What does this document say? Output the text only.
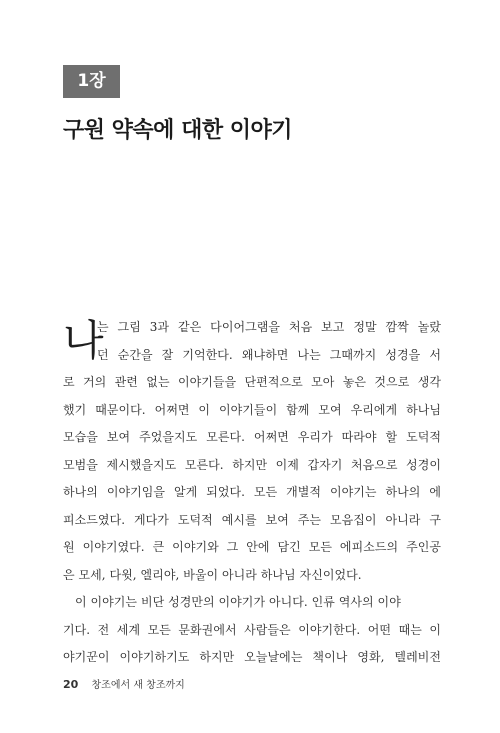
1장
구원 약속에 대한 이야기
나
는 그림 3과 같은 다이어그램을 처음 보고 정말 깜짝 놀랐
던 순간을 잘 기억한다. 왜냐하면 나는 그때까지 성경을 서
로 거의 관련 없는 이야기들을 단편적으로 모아 놓은 것으로 생각
했기 때문이다. 어쩌면 이 이야기들이 함께 모여 우리에게 하나님
모습을 보여 주었을지도 모른다. 어쩌면 우리가 따라야 할 도덕적
모범을 제시했을지도 모른다. 하지만 이제 갑자기 처음으로 성경이
하나의 이야기임을 알게 되었다. 모든 개별적 이야기는 하나의 에
피소드였다. 게다가 도덕적 예시를 보여 주는 모음집이 아니라 구
원 이야기였다. 큰 이야기와 그 안에 담긴 모든 에피소드의 주인공
은 모세, 다윗, 엘리야, 바울이 아니라 하나님 자신이었다.
이 이야기는 비단 성경만의 이야기가 아니다. 인류 역사의 이야
기다. 전 세계 모든 문화권에서 사람들은 이야기한다. 어떤 때는 이
야기꾼이 이야기하기도 하지만 오늘날에는 책이나 영화, 텔레비전
20 창조에서 새 창조까지
